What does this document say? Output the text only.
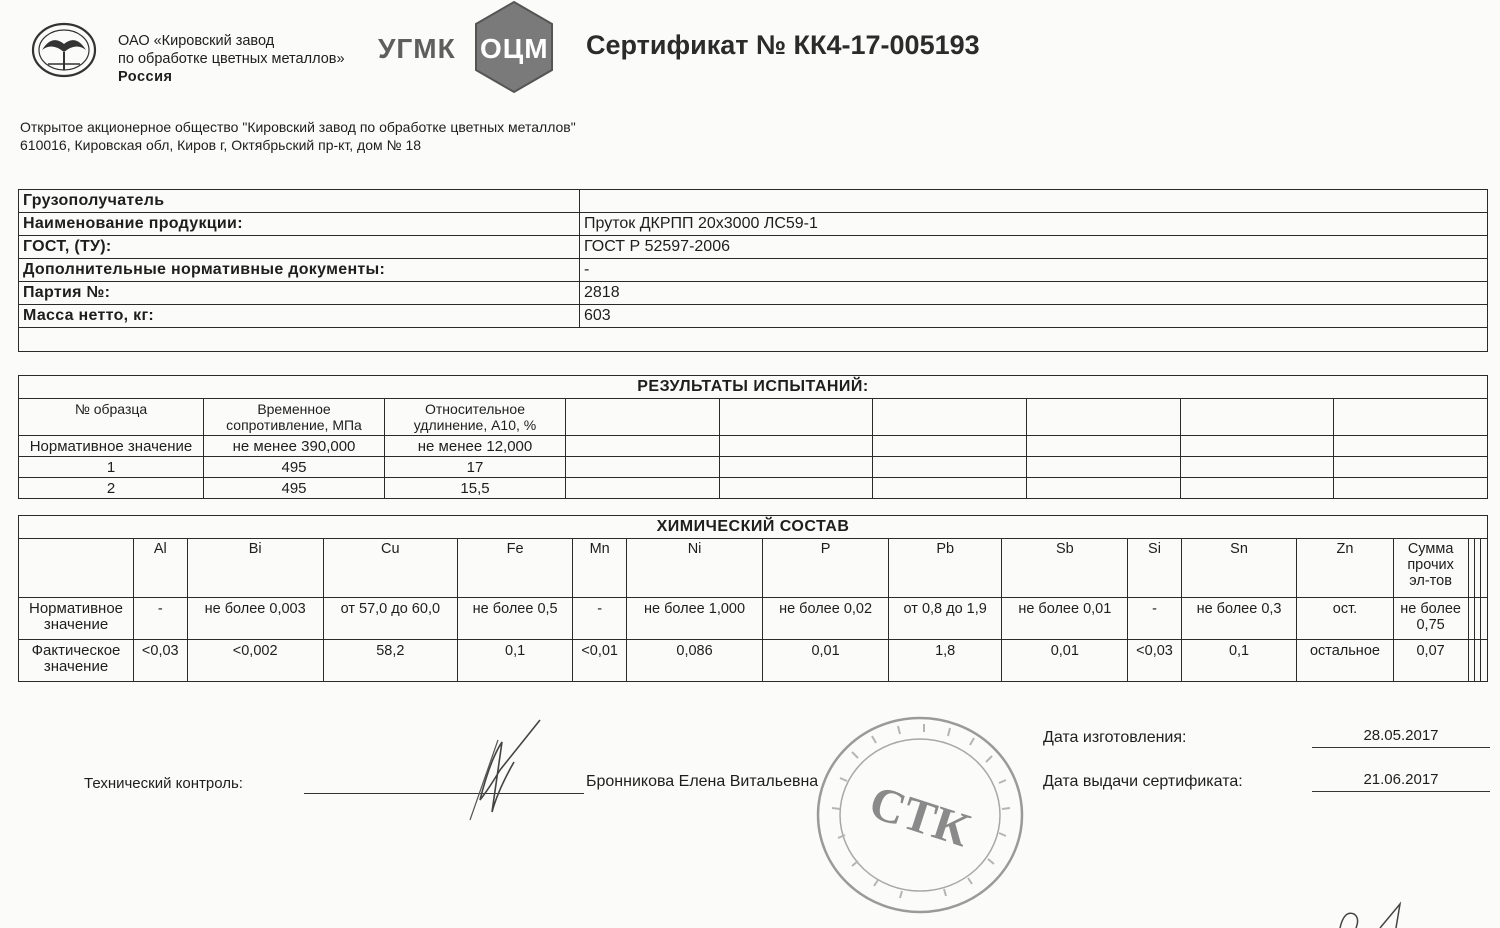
ОАО «Кировский завод
по обработке цветных металлов»
Россия
УГМК ОЦМ Сертификат № КК4-17-005193
Открытое акционерное общество "Кировский завод по обработке цветных металлов"
610016, Кировская обл, Киров г, Октябрьский пр-кт, дом № 18
Грузополучатель	
Наименование продукции:	Пруток ДКРПП 20х3000 ЛС59-1
ГОСТ, (ТУ):	ГОСТ Р 52597-2006
Дополнительные нормативные документы:	-
Партия №:	2818
Масса нетто, кг:	603

РЕЗУЛЬТАТЫ ИСПЫТАНИЙ:								
№ образца	Временное сопротивление, МПа	Относительное удлинение, А10, %						
Нормативное значение	не менее 390,000	не менее 12,000						
1	495	17						
2	495	15,5						
ХИМИЧЕСКИЙ СОСТАВ																
	Al	Bi	Cu	Fe	Mn	Ni	P	Pb	Sb	Si	Sn	Zn	Сумма прочих эл-тов			
Нормативное значение	-	не более 0,003	от 57,0 до 60,0	не более 0,5	-	не более 1,000	не более 0,02	от 0,8 до 1,9	не более 0,01	-	не более 0,3	ост.	не более 0,75			
Фактическое значение	<0,03	<0,002	58,2	0,1	<0,01	0,086	0,01	1,8	0,01	<0,03	0,1	остальное	0,07			
Технический контроль:	Бронникова Елена Витальевна СТК
Дата изготовления:	28.05.2017
Дата выдачи сертификата:	21.06.2017
